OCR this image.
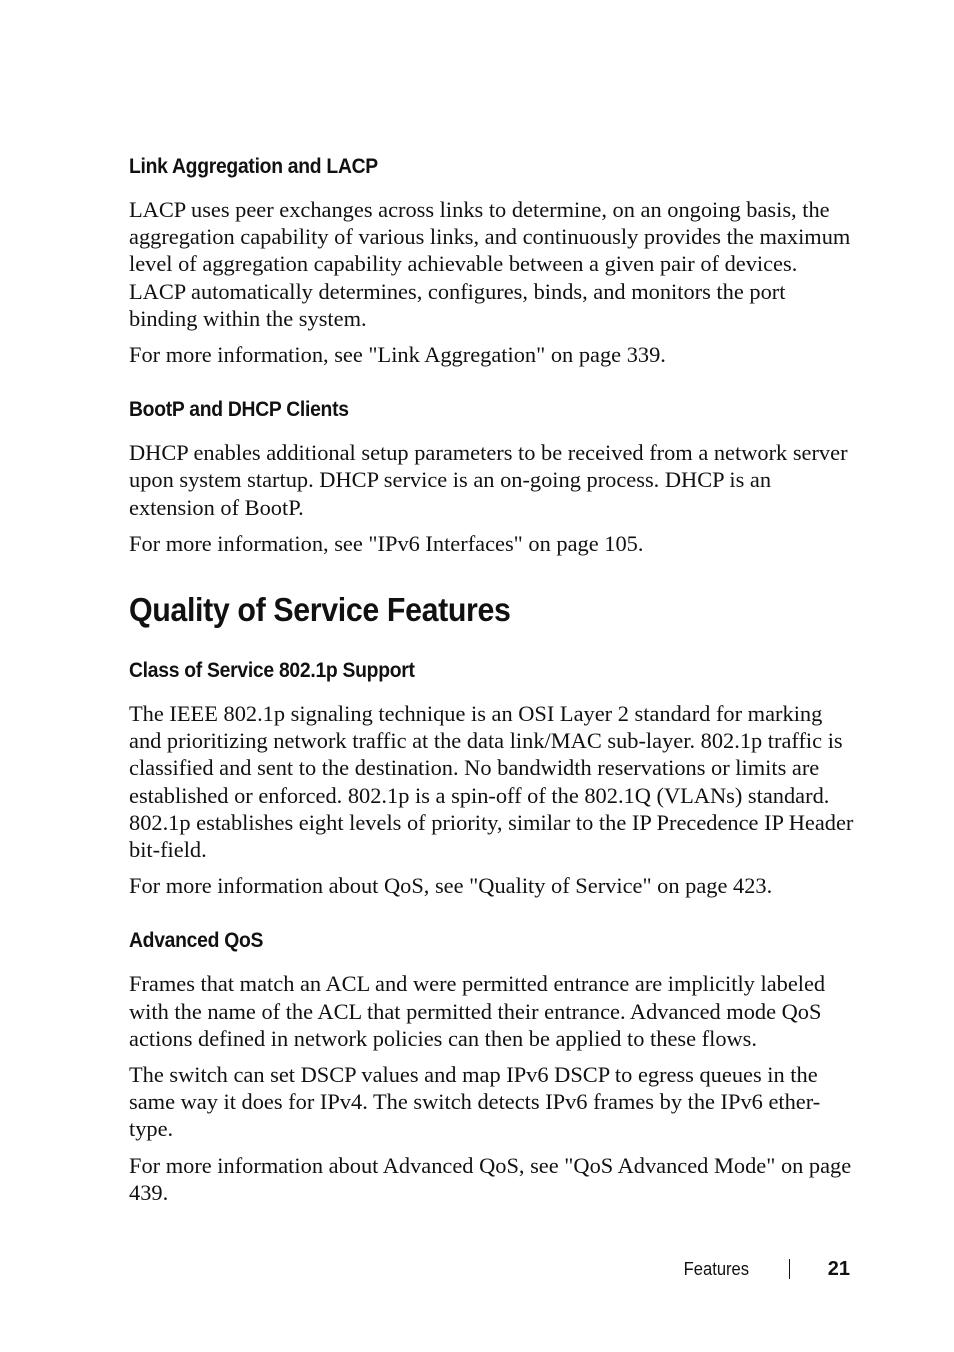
Link Aggregation and LACP

LACP uses peer exchanges across links to determine, on an ongoing basis, the aggregation capability of various links, and continuously provides the maximum level of aggregation capability achievable between a given pair of devices. LACP automatically determines, configures, binds, and monitors the port binding within the system.

For more information, see "Link Aggregation" on page 339.

BootP and DHCP Clients

DHCP enables additional setup parameters to be received from a network server upon system startup. DHCP service is an on-going process. DHCP is an extension of BootP.

For more information, see "IPv6 Interfaces" on page 105.

Quality of Service Features
Class of Service 802.1p Support

The IEEE 802.1p signaling technique is an OSI Layer 2 standard for marking and prioritizing network traffic at the data link/MAC sub-layer. 802.1p traffic is classified and sent to the destination. No bandwidth reservations or limits are established or enforced. 802.1p is a spin-off of the 802.1Q (VLANs) standard. 802.1p establishes eight levels of priority, similar to the IP Precedence IP Header bit-field.

For more information about QoS, see "Quality of Service" on page 423.

Advanced QoS

Frames that match an ACL and were permitted entrance are implicitly labeled with the name of the ACL that permitted their entrance. Advanced mode QoS actions defined in network policies can then be applied to these flows.

The switch can set DSCP values and map IPv6 DSCP to egress queues in the same way it does for IPv4. The switch detects IPv6 frames by the IPv6 ether-type.

For more information about Advanced QoS, see "QoS Advanced Mode" on page 439.

Features	21
